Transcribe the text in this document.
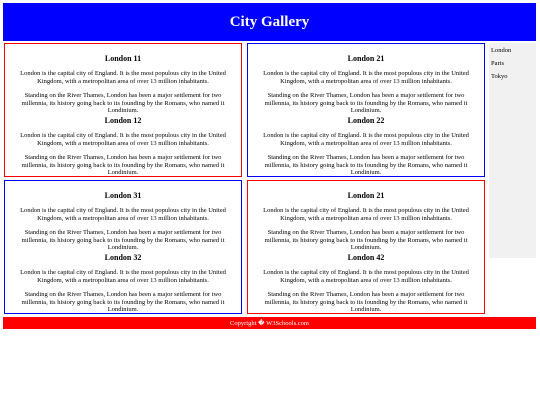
City Gallery
London 11

London is the capital city of England. It is the most populous city in the United Kingdom, with a metropolitan area of over 13 million inhabitants.

Standing on the River Thames, London has been a major settlement for two millennia, its history going back to its founding by the Romans, who named it Londinium.

London 12

London is the capital city of England. It is the most populous city in the United Kingdom, with a metropolitan area of over 13 million inhabitants.

Standing on the River Thames, London has been a major settlement for two millennia, its history going back to its founding by the Romans, who named it Londinium.

London 21

London is the capital city of England. It is the most populous city in the United Kingdom, with a metropolitan area of over 13 million inhabitants.

Standing on the River Thames, London has been a major settlement for two millennia, its history going back to its founding by the Romans, who named it Londinium.

London 22

London is the capital city of England. It is the most populous city in the United Kingdom, with a metropolitan area of over 13 million inhabitants.

Standing on the River Thames, London has been a major settlement for two millennia, its history going back to its founding by the Romans, who named it Londinium.

London 31

London is the capital city of England. It is the most populous city in the United Kingdom, with a metropolitan area of over 13 million inhabitants.

Standing on the River Thames, London has been a major settlement for two millennia, its history going back to its founding by the Romans, who named it Londinium.

London 32

London is the capital city of England. It is the most populous city in the United Kingdom, with a metropolitan area of over 13 million inhabitants.

Standing on the River Thames, London has been a major settlement for two millennia, its history going back to its founding by the Romans, who named it Londinium.

London 21

London is the capital city of England. It is the most populous city in the United Kingdom, with a metropolitan area of over 13 million inhabitants.

Standing on the River Thames, London has been a major settlement for two millennia, its history going back to its founding by the Romans, who named it Londinium.

London 42

London is the capital city of England. It is the most populous city in the United Kingdom, with a metropolitan area of over 13 million inhabitants.

Standing on the River Thames, London has been a major settlement for two millennia, its history going back to its founding by the Romans, who named it Londinium.

London
Paris
Tokyo
Copyright � W3Schools.com
